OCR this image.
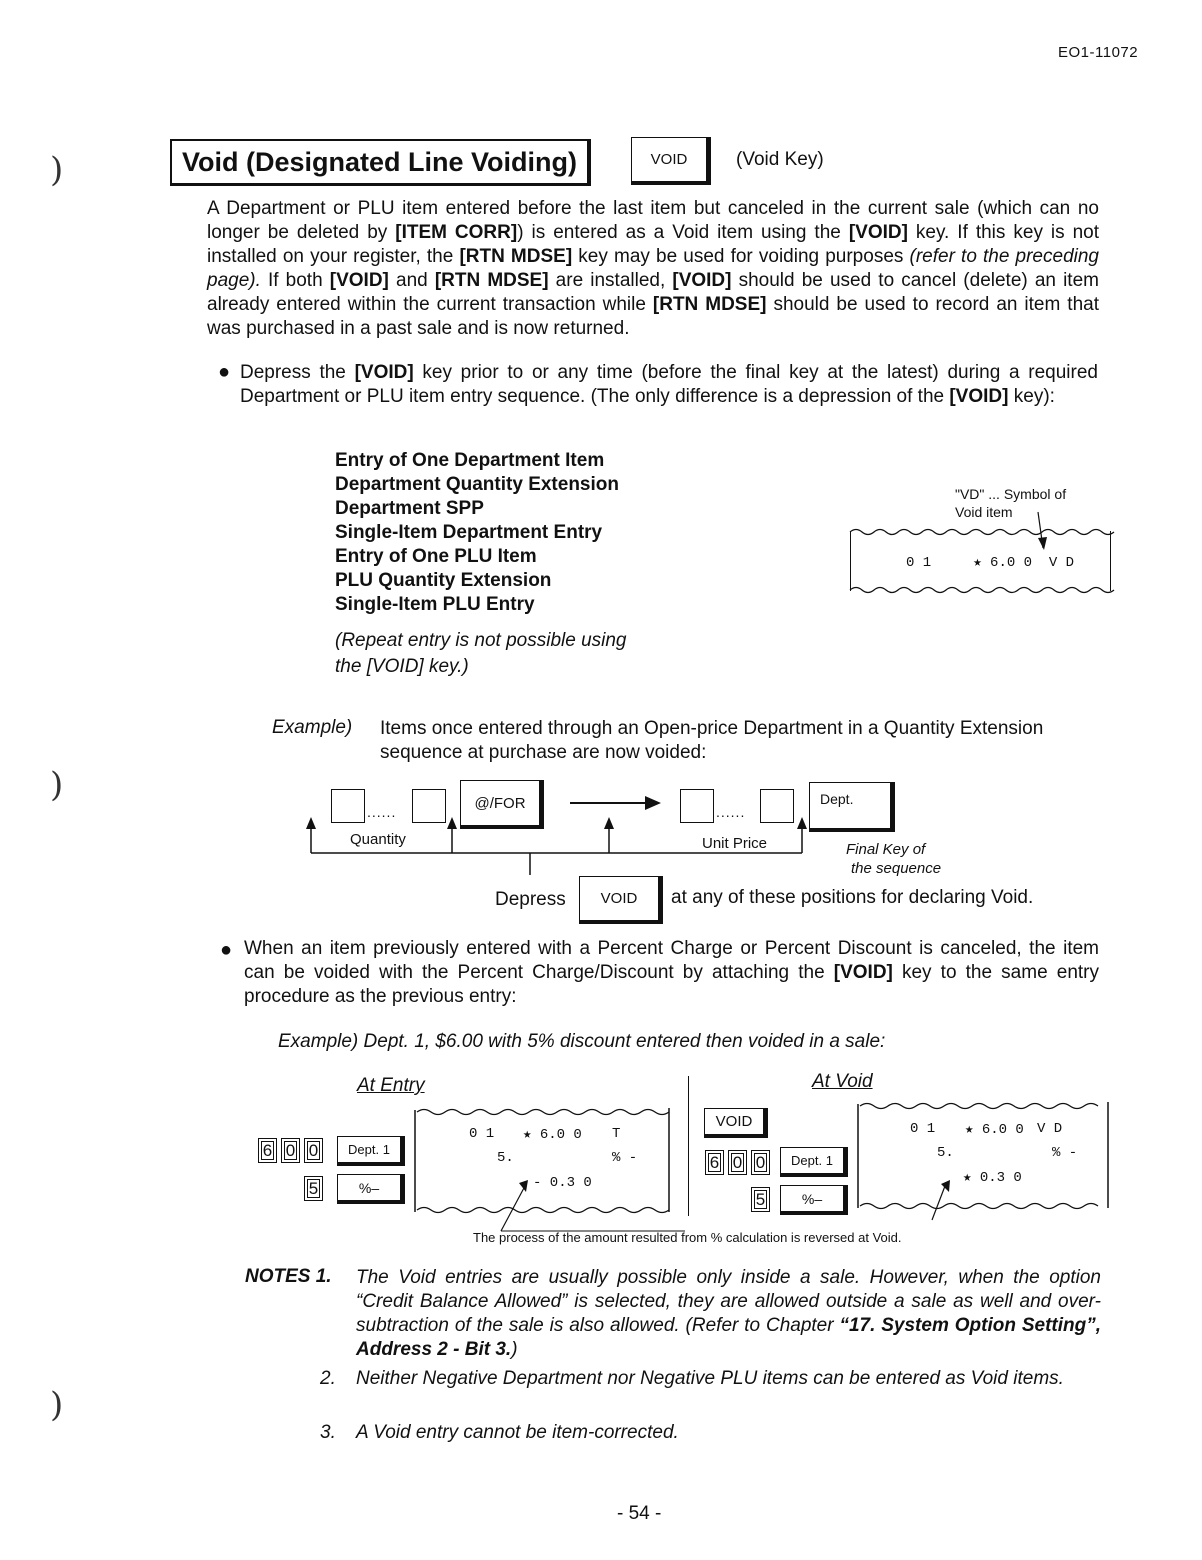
EO1-11072
)
)
)
Void (Designated Line Voiding)	VOID	(Void Key)
A Department or PLU item entered before the last item but canceled in the current sale (which can no longer be deleted by [ITEM CORR]) is entered as a Void item using the [VOID] key. If this key is not installed on your register, the [RTN MDSE] key may be used for voiding purposes (refer to the preceding page). If both [VOID] and [RTN MDSE] are installed, [VOID] should be used to cancel (delete) an item already entered within the current transaction while [RTN MDSE] should be used to record an item that was purchased in a past sale and is now returned.
● Depress the [VOID] key prior to or any time (before the final key at the latest) during a required Department or PLU item entry sequence. (The only difference is a depression of the [VOID] key):
Entry of One Department Item
Department Quantity Extension
Department SPP
Single-Item Department Entry
Entry of One PLU Item
PLU Quantity Extension
Single-Item PLU Entry
(Repeat entry is not possible using
the [VOID] key.)
"VD" ... Symbol of
Void item
0 1     ★ 6.0 0  V D
Example) Items once entered through an Open-price Department in a Quantity Extension sequence at purchase are now voided:
......
@/FOR
......
Dept.
Quantity	Unit Price	Final Key of
the sequence
Depress	VOID	at any of these positions for declaring Void.
● When an item previously entered with a Percent Charge or Percent Discount is canceled, the item can be voided with the Percent Charge/Discount by attaching the [VOID] key to the same entry procedure as the previous entry:
Example) Dept. 1, $6.00 with 5% discount entered then voided in a sale:
At Entry	At Void
6 0 0	Dept. 1
5	%–
0 1 ★ 6.0 0 T
5.	% -
- 0.3 0
VOID
6 0 0	Dept. 1
5	%–
0 1 ★ 6.0 0 V D
5.	% -
★ 0.3 0
The process of the amount resulted from % calculation is reversed at Void.
NOTES 1. The Void entries are usually possible only inside a sale. However, when the option “Credit Balance Allowed” is selected, they are allowed outside a sale as well and over-subtraction of the sale is also allowed. (Refer to Chapter “17. System Option Setting”, Address 2 - Bit 3.)
2. Neither Negative Department nor Negative PLU items can be entered as Void items.
3. A Void entry cannot be item-corrected.
- 54 -
